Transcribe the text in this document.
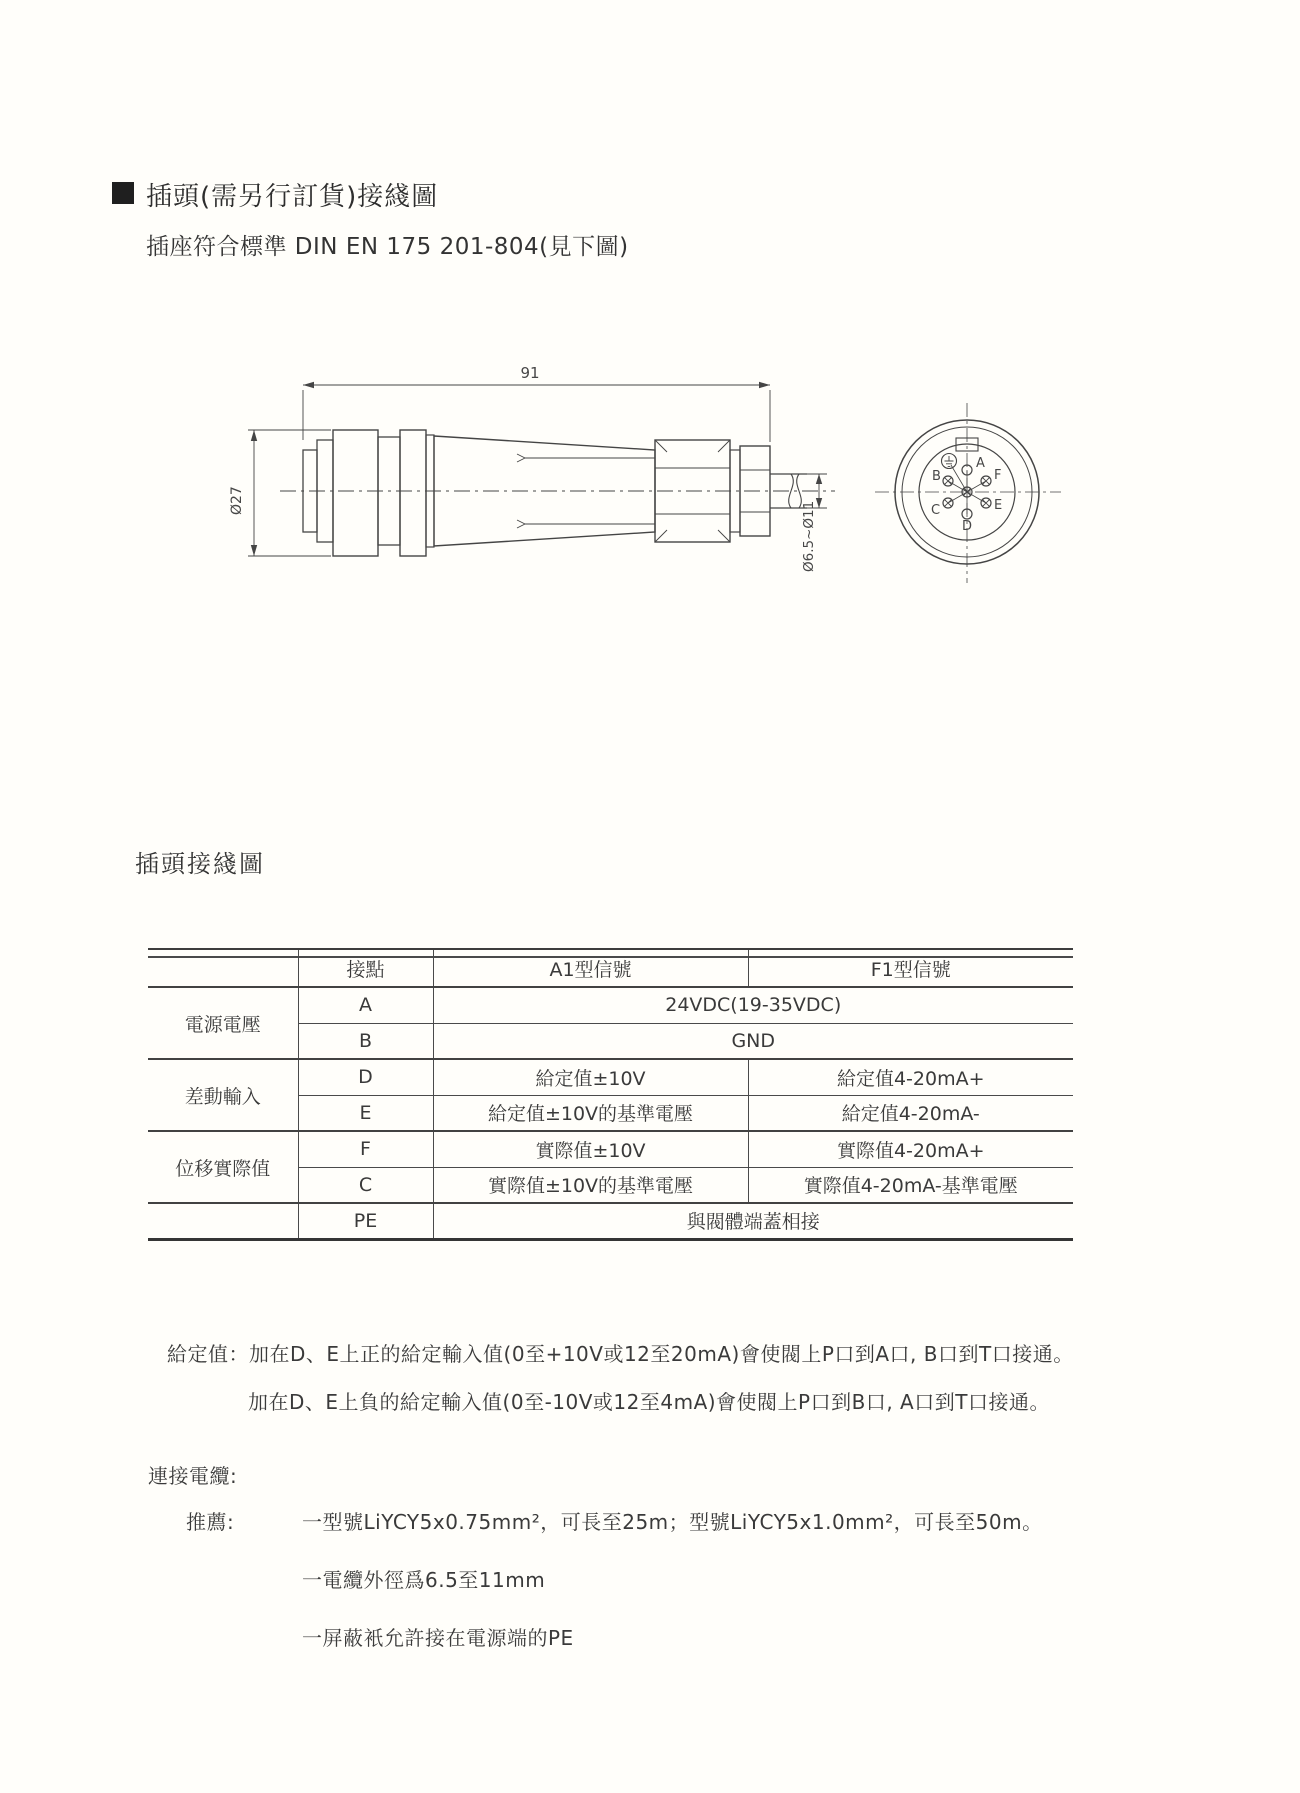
插頭(需另行訂貨)接綫圖
插座符合標準 DIN EN 175 201-804(見下圖)
91
Ø27
Ø6.5~Ø11
A
F
E
D
C
B
插頭接綫圖
	接點	A1型信號	F1型信號
電源電壓	A	24VDC(19-35VDC)	
	B	GND	
差動輸入	D	給定值±10V	給定值4-20mA+
	E	給定值±10V的基準電壓	給定值4-20mA-
位移實際值	F	實際值±10V	實際值4-20mA+
	C	實際值±10V的基準電壓	實際值4-20mA-基準電壓
	PE	與閥體端蓋相接	
給定值：加在D、E上正的給定輸入值(0至+10V或12至20mA)會使閥上P口到A口, B口到T口接通。
加在D、E上負的給定輸入值(0至-10V或12至4mA)會使閥上P口到B口, A口到T口接通。
連接電纜:
推薦:	一型號LiYCY5x0.75mm²，可長至25m；型號LiYCY5x1.0mm²，可長至50m。
一電纜外徑爲6.5至11mm
一屏蔽衹允許接在電源端的PE
